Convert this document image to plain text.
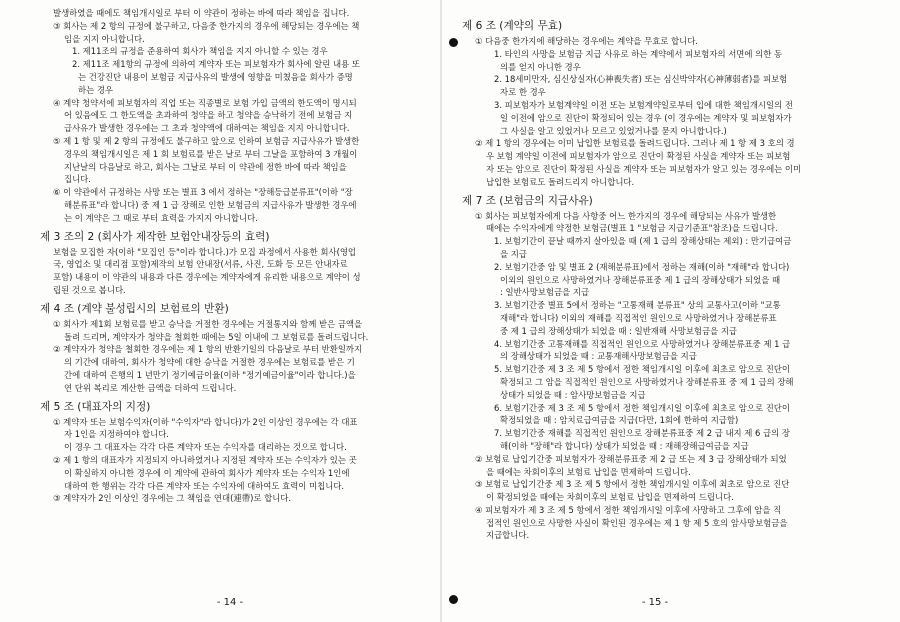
발생하였을 때에도 책임개시일로 부터 이 약관이 정하는 바에 따라 책임을 집니다.
③ 회사는 제 2 항의 규정에 불구하고, 다음중 한가지의 경우에 해당되는 경우에는 책
임을 지지 아니합니다.
1. 제11조의 규정을 준용하여 회사가 책임을 지지 아니할 수 있는 경우
2. 제11조 제1항의 규정에 의하여 계약자 또는 피보험자가 회사에 알린 내용 또
는 건강진단 내용이 보험금 지급사유의 발생에 영향을 미쳤음을 회사가 증명
하는 경우
④ 계약 청약서에 피보험자의 직업 또는 직종별로 보험 가입 금액의 한도액이 명시되
어 있음에도 그 한도액을 초과하여 청약을 하고 청약을 승낙하기 전에 보험금 지
급사유가 발생한 경우에는 그 초과 청약액에 대하여는 책임을 지지 아니합니다.
⑤ 제 1 항 및 제 2 항의 규정에도 불구하고 앞으로 인하여 보험금 지급사유가 발생한
경우의 책임개시일은 제 1 회 보험료를 받은 날로 부터 그날을 포함하여 3 개월이
지난날의 다음날로 하고, 회사는 그날로 부터 이 약관에 정한 바에 따라 책임을
집니다.
⑥ 이 약관에서 규정하는 사망 또는 별표 3 에서 정하는 "장해등급분류표"(이하 "장
해분류표"라 합니다) 중 제 1 급 장해로 인한 보험금의 지급사유가 발생한 경우에
는 이 계약은 그 때로 부터 효력을 가지지 아니합니다.
제 3 조의 2 (회사가 제작한 보험안내장등의 효력)
보험을 모집한 자(이하 "모집인 등"이라 합니다.)가 모집 과정에서 사용한 회사(영업
국, 영업소 및 대리점 포함)제작의 보험 안내장(서류, 사진, 도화 등 모든 안내자료
포함) 내용이 이 약관의 내용과 다른 경우에는 계약자에게 유리한 내용으로 계약이 성
립된 것으로 봅니다.
제 4 조 (계약 불성립시의 보험료의 반환)
① 회사가 제1회 보험료를 받고 승낙을 거절한 경우에는 거절통지와 함께 받은 금액을
돌려 드리며, 계약자가 청약을 철회한 때에는 5일 이내에 그 보험료를 돌려드립니다.
② 계약자가 청약을 철회한 경우에는 제 1 항의 반환기일의 다음날로 부터 반환일까지
의 기간에 대하여, 회사가 청약에 대한 승낙을 거절한 경우에는 보험료를 받은 기
간에 대하여 은행의 1 년만기 정기예금이율(이하 "정기예금이율"이라 합니다.)을
연 단위 복리로 계산한 금액을 더하여 드립니다.
제 5 조 (대표자의 지정)
① 계약자 또는 보험수익자(이하 "수익자"라 합니다)가 2인 이상인 경우에는 각 대표
자 1인을 지정하여야 합니다.
이 경우 그 대표자는 각각 다른 계약자 또는 수익자를 대리하는 것으로 합니다.
② 제 1 항의 대표자가 지정되지 아니하였거나 지정된 계약자 또는 수익자가 있는 곳
이 확실하지 아니한 경우에 이 계약에 관하여 회사가 계약자 또는 수익자 1인에
대하여 한 행위는 각각 다른 계약자 또는 수익자에 대하여도 효력이 미칩니다.
③ 계약자가 2인 이상인 경우에는 그 책임을 연대(連帶)로 합니다.
- 14 -
제 6 조 (계약의 무효)
① 다음중 한가지에 해당하는 경우에는 계약을 무효로 합니다.
1. 타인의 사망을 보험금 지급 사유로 하는 계약에서 피보험자의 서면에 의한 동
의를 얻지 아니한 경우
2. 18세미만자, 심신상실자(心神喪失者) 또는 심신박약자(心神薄弱者)를 피보험
자로 한 경우
3. 피보험자가 보험계약일 이전 또는 보험계약일로부터 입에 대한 책임개시일의 전
일 이전에 암으로 진단이 확정되어 있는 경우 (이 경우에는 계약자 및 피보험자가
그 사실을 알고 있었거나 모르고 있었거나를 묻지 아니합니다.)
② 제 1 항의 경우에는 이미 납입한 보험료를 돌려드립니다. 그러나 제 1 항 제 3 호의 경
우 보험 계약일 이전에 피보험자가 암으로 진단이 확정된 사실을 계약자 또는 피보험
자 또는 암으로 진단이 확정된 사실을 계약자 또는 피보험자가 알고 있는 경우에는 이미
납입한 보험료도 돌려드리지 아니합니다.
제 7 조 (보험금의 지급사유)
① 회사는 피보험자에게 다음 사항중 어느 한가지의 경우에 해당되는 사유가 발생한
때에는 수익자에게 약정한 보험금(별표 1 "보험금 지급기준표"참조)을 드립니다.
1. 보험기간이 끝날 때까지 살아있을 때 (제 1 급의 장해상태는 제외) : 만기급여금
을 지급
2. 보험기간중 암 및 별표 2 (재해분류표)에서 정하는 재해(이하 "재해"라 합니다)
이외의 원인으로 사망하였거나 장해분류표중 제 1 급의 장해상태가 되었을 때
: 일반사망보험금을 지급
3. 보험기간중 별표 5에서 정하는 "고통재해 분류표" 상의 교통사고(이하 "교통
재해"라 합니다) 이외의 재해를 직접적인 원인으로 사망하였거나 장해분류표
중 제 1 급의 장해상태가 되었을 때 : 일반재해 사망보험금을 지급
4. 보험기간중 고통재해를 직접적인 원인으로 사망하였거나 장해분류표중 제 1 급
의 장해상태가 되었을 때 : 교통재해사망보험금을 지급
5. 보험기간중 제 3 조 제 5 항에서 정한 책임개시일 이후에 최초로 암으로 진단이
확정되고 그 암을 직접적인 원인으로 사망하였거나 장해분류표 중 제 1 급의 장해
상태가 되었을 때 : 암사망보험금을 지급
6. 보험기간중 제 3 조 제 5 항에서 정한 책임개시일 이후에 최초로 암으로 진단이
확정되었을 때 : 암치료급여금을 지급(다만, 1회에 한하여 지급함)
7. 보험기간중 재해를 직접적인 원인으로 장해분류표중 제 2 급 내지 제 6 급의 장
해(이하 "장해"라 합니다) 상태가 되었을 때 : 재해장해급여금을 지급
② 보험료 납입기간중 피보험자가 장해분류표중 제 2 급 또는 제 3 급 장해상태가 되었
을 때에는 차회이후의 보험료 납입을 면제하여 드립니다.
③ 보험료 납입기간중 제 3 조 제 5 항에서 정한 책임개시일 이후에 최초로 암으로 진단
이 확정되었을 때에는 차회이후의 보험료 납입을 면제하여 드립니다.
④ 피보험자가 제 3 조 제 5 항에서 정한 책임개시일 이후에 사망하고 그후에 암을 직
접적인 원인으로 사망한 사실이 확인된 경우에는 제 1 항 제 5 호의 암사망보험금을
지급합니다.
- 15 -
